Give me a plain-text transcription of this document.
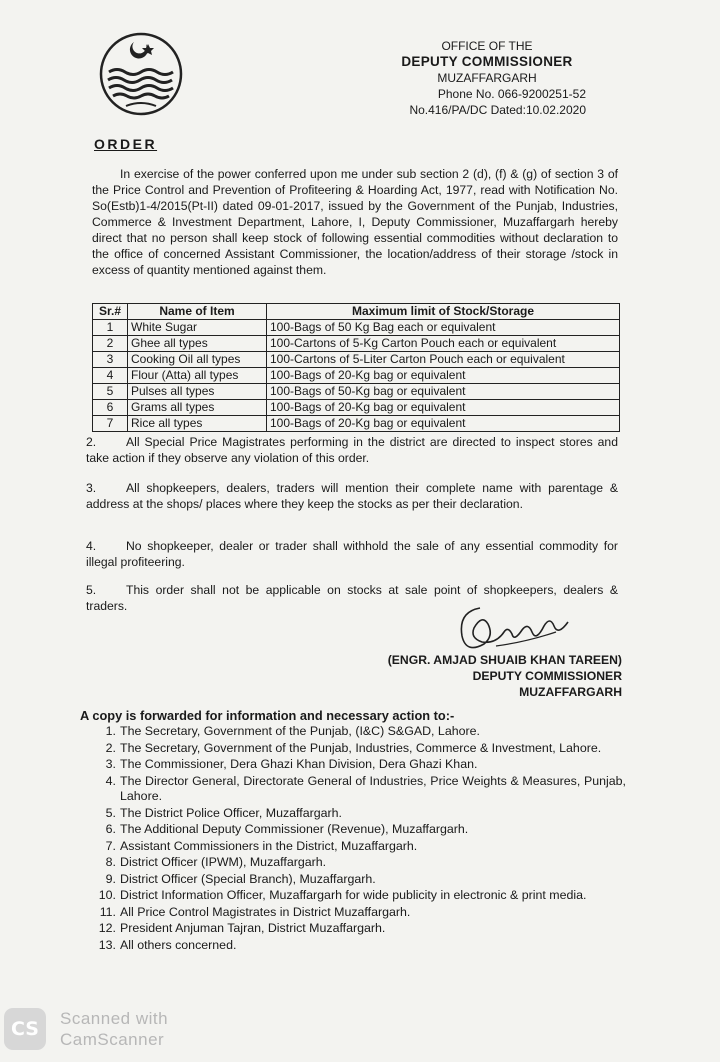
OFFICE OF THE
DEPUTY COMMISSIONER
MUZAFFARGARH
Phone No. 066-9200251-52
No.416/PA/DC Dated:10.02.2020
ORDER
In exercise of the power conferred upon me under sub section 2 (d), (f) & (g) of section 3 of the Price Control and Prevention of Profiteering & Hoarding Act, 1977, read with Notification No. So(Estb)1-4/2015(Pt-II) dated 09-01-2017, issued by the Government of the Punjab, Industries, Commerce & Investment Department, Lahore, I, Deputy Commissioner, Muzaffargarh hereby direct that no person shall keep stock of following essential commodities without declaration to the office of concerned Assistant Commissioner, the location/address of their storage /stock in excess of quantity mentioned against them.
Sr.#	Name of Item	Maximum limit of Stock/Storage
1	White Sugar	100-Bags of 50 Kg Bag each or equivalent
2	Ghee all types	100-Cartons of 5-Kg Carton Pouch each or equivalent
3	Cooking Oil all types	100-Cartons of 5-Liter Carton Pouch each or equivalent
4	Flour (Atta) all types	100-Bags of 20-Kg bag or equivalent
5	Pulses all types	100-Bags of 50-Kg bag or equivalent
6	Grams all types	100-Bags of 20-Kg bag or equivalent
7	Rice all types	100-Bags of 20-Kg bag or equivalent
2. All Special Price Magistrates performing in the district are directed to inspect stores and take action if they observe any violation of this order.
3. All shopkeepers, dealers, traders will mention their complete name with parentage & address at the shops/ places where they keep the stocks as per their declaration.
4. No shopkeeper, dealer or trader shall withhold the sale of any essential commodity for illegal profiteering.
5. This order shall not be applicable on stocks at sale point of shopkeepers, dealers & traders.
(ENGR. AMJAD SHUAIB KHAN TAREEN)
DEPUTY COMMISSIONER
MUZAFFARGARH
A copy is forwarded for information and necessary action to:-
1. The Secretary, Government of the Punjab, (I&C) S&GAD, Lahore.
2. The Secretary, Government of the Punjab, Industries, Commerce & Investment, Lahore.
3. The Commissioner, Dera Ghazi Khan Division, Dera Ghazi Khan.
4. The Director General, Directorate General of Industries, Price Weights & Measures, Punjab, Lahore.
5. The District Police Officer, Muzaffargarh.
6. The Additional Deputy Commissioner (Revenue), Muzaffargarh.
7. Assistant Commissioners in the District, Muzaffargarh.
8. District Officer (IPWM), Muzaffargarh.
9. District Officer (Special Branch), Muzaffargarh.
10. District Information Officer, Muzaffargarh for wide publicity in electronic & print media.
11. All Price Control Magistrates in District Muzaffargarh.
12. President Anjuman Tajran, District Muzaffargarh.
13. All others concerned.
CS	Scanned with
CamScanner
